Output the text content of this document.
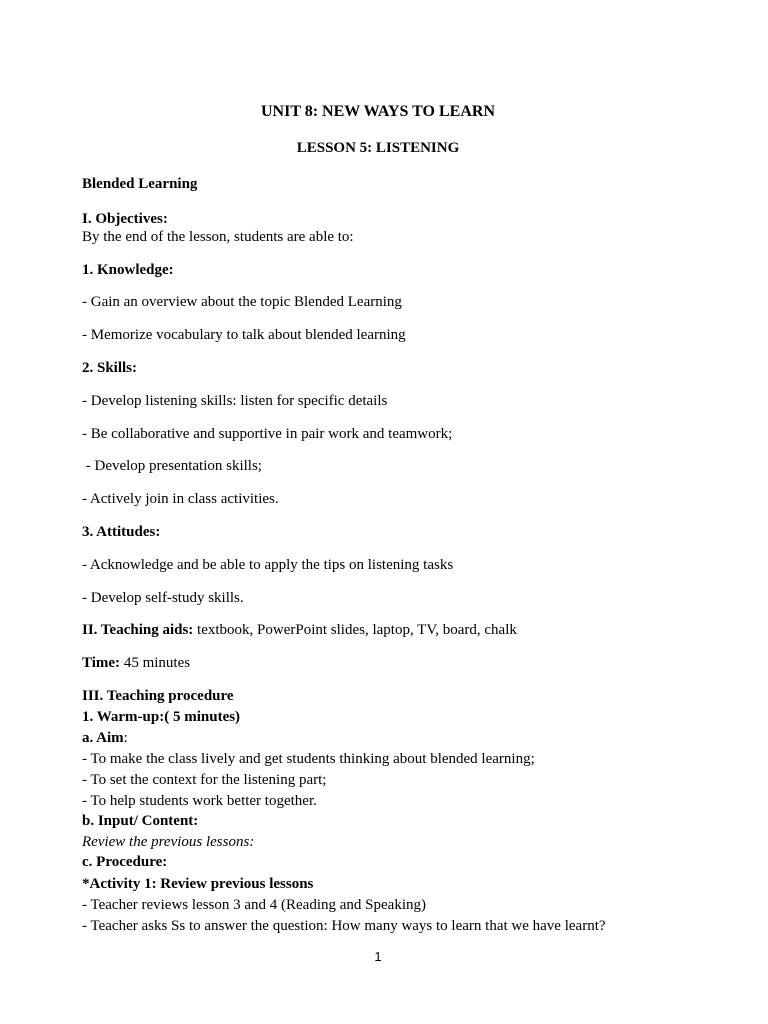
UNIT 8: NEW WAYS TO LEARN
LESSON 5: LISTENING
Blended Learning
I. Objectives:
By the end of the lesson, students are able to:
1. Knowledge:
- Gain an overview about the topic Blended Learning
- Memorize vocabulary to talk about blended learning
2. Skills:
- Develop listening skills: listen for specific details
- Be collaborative and supportive in pair work and teamwork;
- Develop presentation skills;
- Actively join in class activities.
3. Attitudes:
- Acknowledge and be able to apply the tips on listening tasks
- Develop self-study skills.
II. Teaching aids: textbook, PowerPoint slides, laptop, TV, board, chalk
Time: 45 minutes
III. Teaching procedure
1. Warm-up:( 5 minutes)
a. Aim:
- To make the class lively and get students thinking about blended learning;
- To set the context for the listening part;
- To help students work better together.
b. Input/ Content:
Review the previous lessons:
c. Procedure:
*Activity 1: Review previous lessons
- Teacher reviews lesson 3 and 4 (Reading and Speaking)
- Teacher asks Ss to answer the question: How many ways to learn that we have learnt?
1
